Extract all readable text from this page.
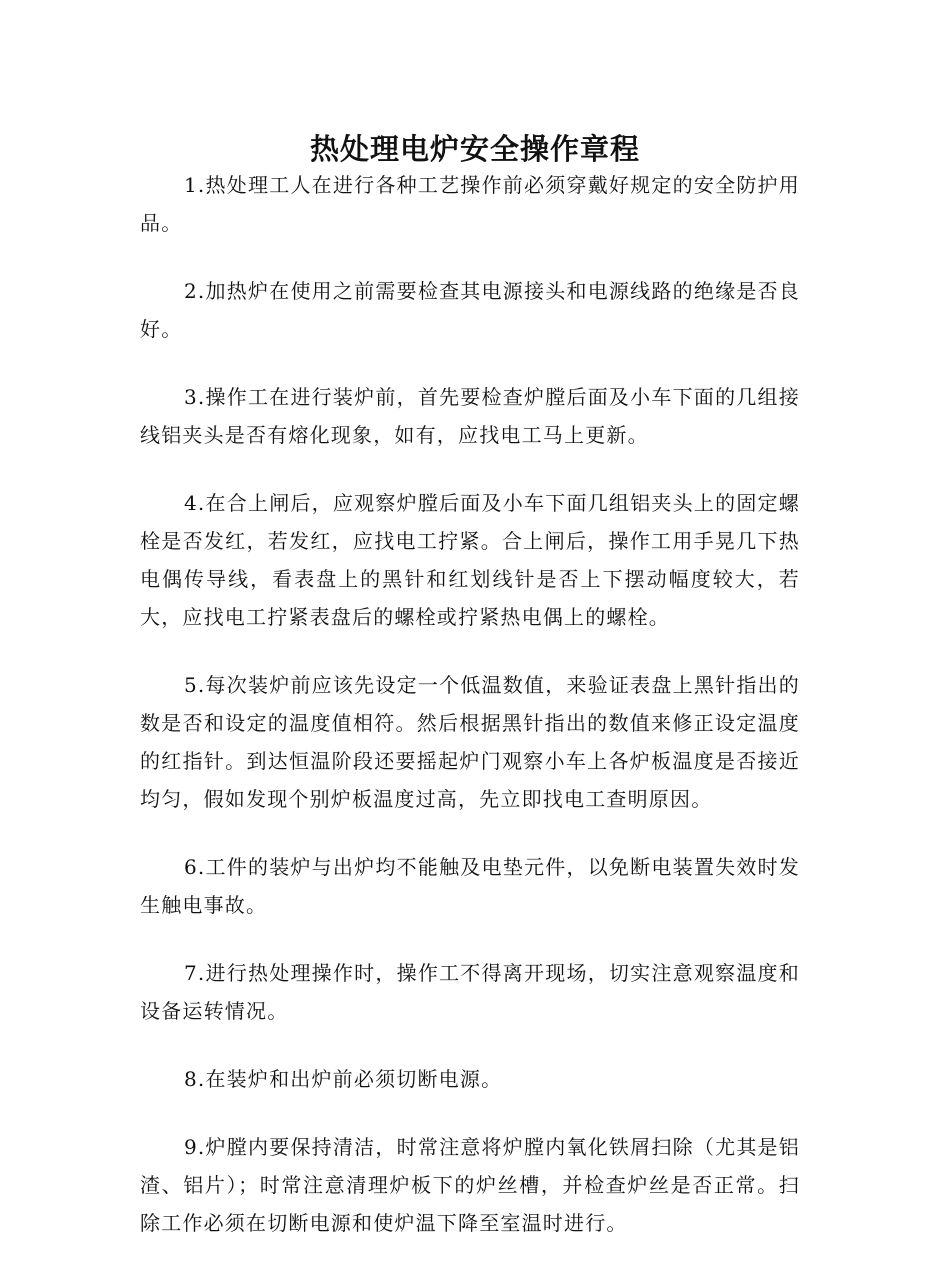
热处理电炉安全操作章程

1.热处理工人在进行各种工艺操作前必须穿戴好规定的安全防护用品。

2.加热炉在使用之前需要检查其电源接头和电源线路的绝缘是否良好。

3.操作工在进行装炉前，首先要检查炉膛后面及小车下面的几组接线铝夹头是否有熔化现象，如有，应找电工马上更新。

4.在合上闸后，应观察炉膛后面及小车下面几组铝夹头上的固定螺栓是否发红，若发红，应找电工拧紧。合上闸后，操作工用手晃几下热电偶传导线，看表盘上的黑针和红划线针是否上下摆动幅度较大，若大，应找电工拧紧表盘后的螺栓或拧紧热电偶上的螺栓。

5.每次装炉前应该先设定一个低温数值，来验证表盘上黑针指出的数是否和设定的温度值相符。然后根据黑针指出的数值来修正设定温度的红指针。到达恒温阶段还要摇起炉门观察小车上各炉板温度是否接近均匀，假如发现个别炉板温度过高，先立即找电工查明原因。

6.工件的装炉与出炉均不能触及电垫元件，以免断电装置失效时发生触电事故。

7.进行热处理操作时，操作工不得离开现场，切实注意观察温度和设备运转情况。

8.在装炉和出炉前必须切断电源。

9.炉膛内要保持清洁，时常注意将炉膛内氧化铁屑扫除（尤其是铝渣、铝片）；时常注意清理炉板下的炉丝槽，并检查炉丝是否正常。扫除工作必须在切断电源和使炉温下降至室温时进行。
